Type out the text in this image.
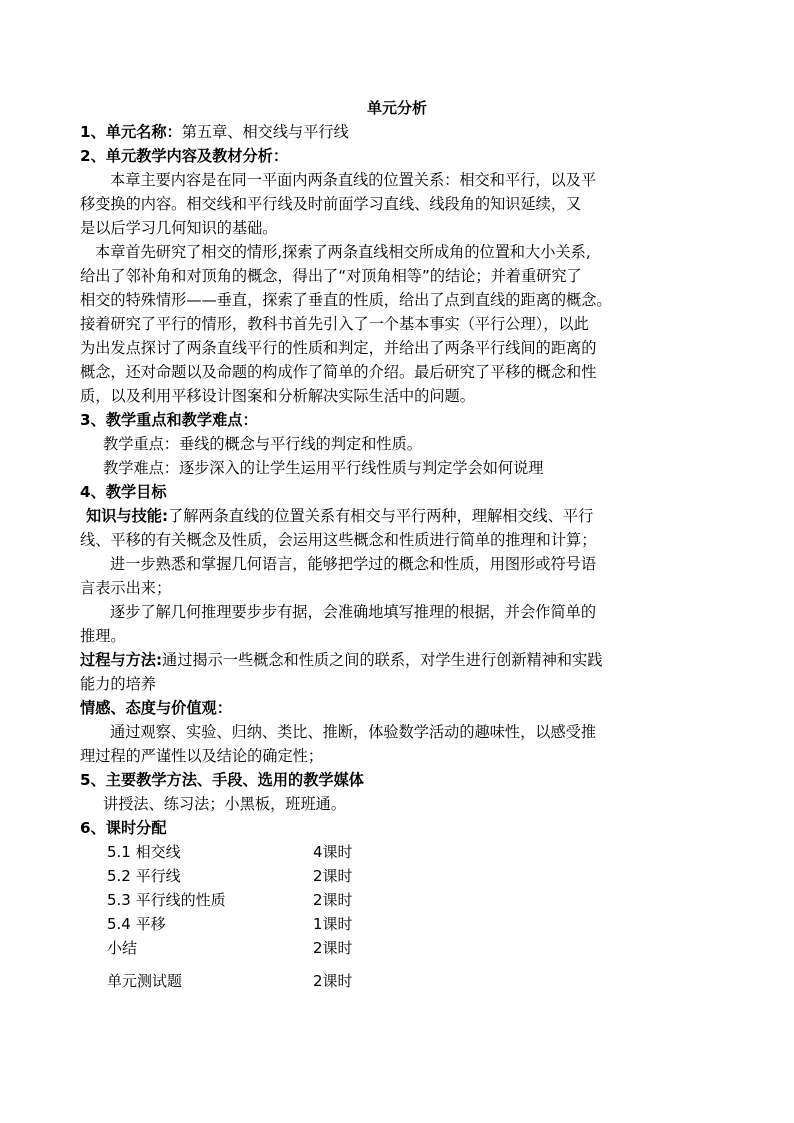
单元分析
1、单元名称：第五章、相交线与平行线
2、单元教学内容及教材分析：
本章主要内容是在同一平面内两条直线的位置关系：相交和平行，以及平
移变换的内容。相交线和平行线及时前面学习直线、线段角的知识延续，又
是以后学习几何知识的基础。
本章首先研究了相交的情形,探索了两条直线相交所成角的位置和大小关系,
给出了邻补角和对顶角的概念，得出了“对顶角相等”的结论；并着重研究了
相交的特殊情形——垂直，探索了垂直的性质，给出了点到直线的距离的概念。
接着研究了平行的情形，教科书首先引入了一个基本事实（平行公理），以此
为出发点探讨了两条直线平行的性质和判定，并给出了两条平行线间的距离的
概念，还对命题以及命题的构成作了简单的介绍。最后研究了平移的概念和性
质，以及利用平移设计图案和分析解决实际生活中的问题。
3、教学重点和教学难点：
教学重点：垂线的概念与平行线的判定和性质。
教学难点：逐步深入的让学生运用平行线性质与判定学会如何说理
4、教学目标
知识与技能:了解两条直线的位置关系有相交与平行两种，理解相交线、平行
线、平移的有关概念及性质，会运用这些概念和性质进行简单的推理和计算；
进一步熟悉和掌握几何语言，能够把学过的概念和性质，用图形或符号语
言表示出来；
逐步了解几何推理要步步有据，会准确地填写推理的根据，并会作简单的
推理。
过程与方法:通过揭示一些概念和性质之间的联系，对学生进行创新精神和实践
能力的培养
情感、态度与价值观：
通过观察、实验、归纳、类比、推断，体验数学活动的趣味性，以感受推
理过程的严谨性以及结论的确定性；
5、主要教学方法、手段、选用的教学媒体
讲授法、练习法；小黑板，班班通。
6、课时分配
5.1 相交线	4课时
5.2 平行线	2课时
5.3 平行线的性质	2课时
5.4 平移	1课时
小结	2课时
单元测试题	2课时
